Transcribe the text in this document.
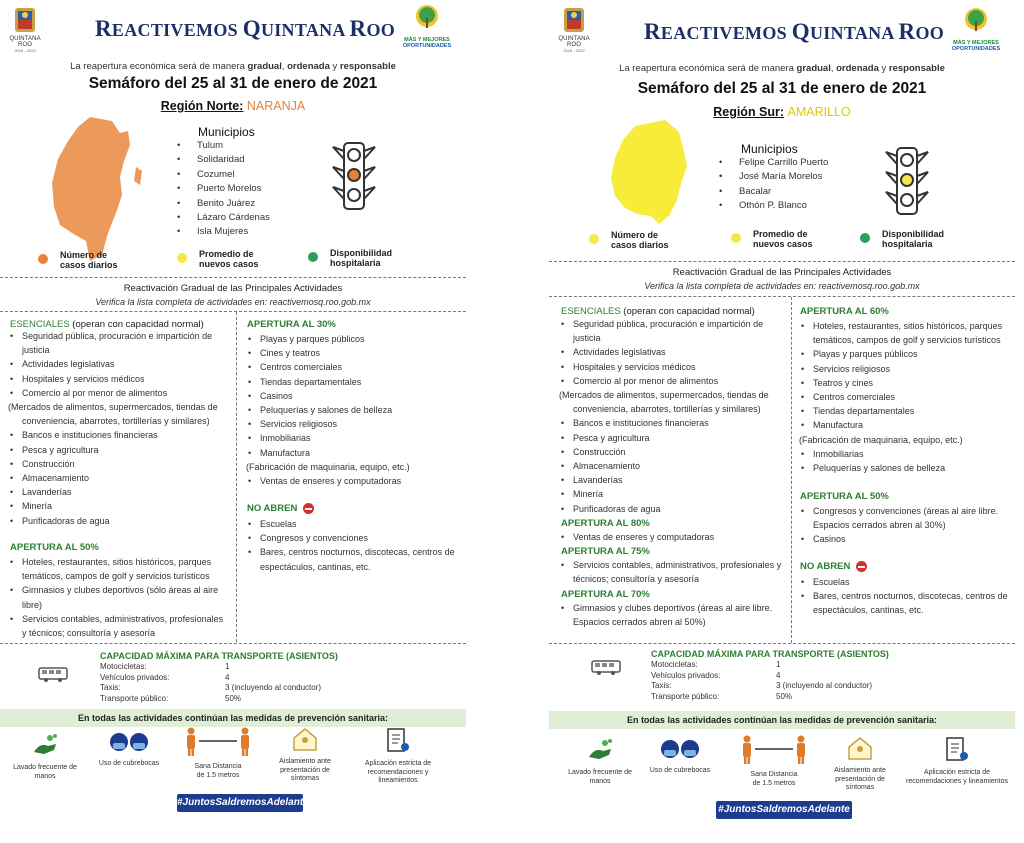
QUINTANA ROO
2016 - 2022
REACTIVEMOS QUINTANA ROO	MÁS Y MEJORES
OPORTUNIDADES
La reapertura económica será de manera gradual, ordenada y responsable
Semáforo del 25 al 31 de enero de 2021
Región Norte: NARANJA
Municipios
• Tulum
• Solidaridad
• Cozumel
• Puerto Morelos
• Benito Juárez
• Lázaro Cárdenas
• Isla Mujeres
Número de
casos diarios
Promedio de
nuevos casos
Disponibilidad
hospitalaria
Reactivación Gradual de las Principales Actividades
Verifica la lista completa de actividades en: reactivemosq.roo.gob.mx
ESENCIALES (operan con capacidad normal)
• Seguridad pública, procuración e impartición de
justicia
• Actividades legislativas
• Hospitales y servicios médicos
• Comercio al por menor de alimentos
(Mercados de alimentos, supermercados, tiendas de
conveniencia, abarrotes, tortillerías y similares)
• Bancos e instituciones financieras
• Pesca y agricultura
• Construcción
• Almacenamiento
• Lavanderías
• Minería
• Purificadoras de agua
APERTURA AL 50%
• Hoteles, restaurantes, sitios históricos, parques
temáticos, campos de golf y servicios turísticos
• Gimnasios y clubes deportivos (sólo áreas al aire
libre)
• Servicios contables, administrativos, profesionales
y técnicos; consultoría y asesoría
APERTURA AL 30%
• Playas y parques públicos
• Cines y teatros
• Centros comerciales
• Tiendas departamentales
• Casinos
• Peluquerías y salones de belleza
• Servicios religiosos
• Inmobiliarias
• Manufactura
(Fabricación de maquinaria, equipo, etc.)
• Ventas de enseres y computadoras
NO ABREN
• Escuelas
• Congresos y convenciones
• Bares, centros nocturnos, discotecas, centros de
espectáculos, cantinas, etc.
CAPACIDAD MÁXIMA PARA TRANSPORTE (ASIENTOS)
Motocicletas:	1
Vehículos privados:	4
Taxis:	3 (incluyendo al conductor)
Transporte público:	50%
En todas las actividades continúan las medidas de prevención sanitaria:
Lavado frecuente de
manos
Uso de cubrebocas	Sana Distancia
de 1.5 metros
Aislamiento ante
presentación de
síntomas
Aplicación estricta de
recomendaciones y lineamientos
#JuntosSaldremosAdelante
QUINTANA ROO
2016 - 2022
REACTIVEMOS QUINTANA ROO	MÁS Y MEJORES
OPORTUNIDADES
La reapertura económica será de manera gradual, ordenada y responsable
Semáforo del 25 al 31 de enero de 2021
Región Sur: AMARILLO
Municipios
• Felipe Carrillo Puerto
• José María Morelos
• Bacalar
• Othón P. Blanco
Número de
casos diarios
Promedio de
nuevos casos
Disponibilidad
hospitalaria
Reactivación Gradual de las Principales Actividades
Verifica la lista completa de actividades en: reactivemosq.roo.gob.mx
ESENCIALES (operan con capacidad normal)
• Seguridad pública, procuración e impartición de
justicia
• Actividades legislativas
• Hospitales y servicios médicos
• Comercio al por menor de alimentos
(Mercados de alimentos, supermercados, tiendas de
conveniencia, abarrotes, tortillerías y similares)
• Bancos e instituciones financieras
• Pesca y agricultura
• Construcción
• Almacenamiento
• Lavanderías
• Minería
• Purificadoras de agua
APERTURA AL 80%
• Ventas de enseres y computadoras
APERTURA AL 75%
• Servicios contables, administrativos, profesionales y
técnicos; consultoría y asesoría
APERTURA AL 70%
• Gimnasios y clubes deportivos (áreas al aire libre.
Espacios cerrados abren al 50%)
APERTURA AL 60%
• Hoteles, restaurantes, sitios históricos, parques
temáticos, campos de golf y servicios turísticos
• Playas y parques públicos
• Servicios religiosos
• Teatros y cines
• Centros comerciales
• Tiendas departamentales
• Manufactura
(Fabricación de maquinaria, equipo, etc.)
• Inmobiliarias
• Peluquerías y salones de belleza
APERTURA AL 50%
• Congresos y convenciones (áreas al aire libre.
Espacios cerrados abren al 30%)
• Casinos
NO ABREN
• Escuelas
• Bares, centros nocturnos, discotecas, centros de
espectáculos, cantinas, etc.
CAPACIDAD MÁXIMA PARA TRANSPORTE (ASIENTOS)
Motocicletas:	1
Vehículos privados:	4
Taxis:	3 (incluyendo al conductor)
Transporte público:	50%
En todas las actividades continúan las medidas de prevención sanitaria:
Lavado frecuente de
manos
Uso de cubrebocas
Sana Distancia
de 1.5 metros
Aislamiento ante
presentación de
síntomas
Aplicación estricta de
recomendaciones y lineamientos
#JuntosSaldremosAdelante
